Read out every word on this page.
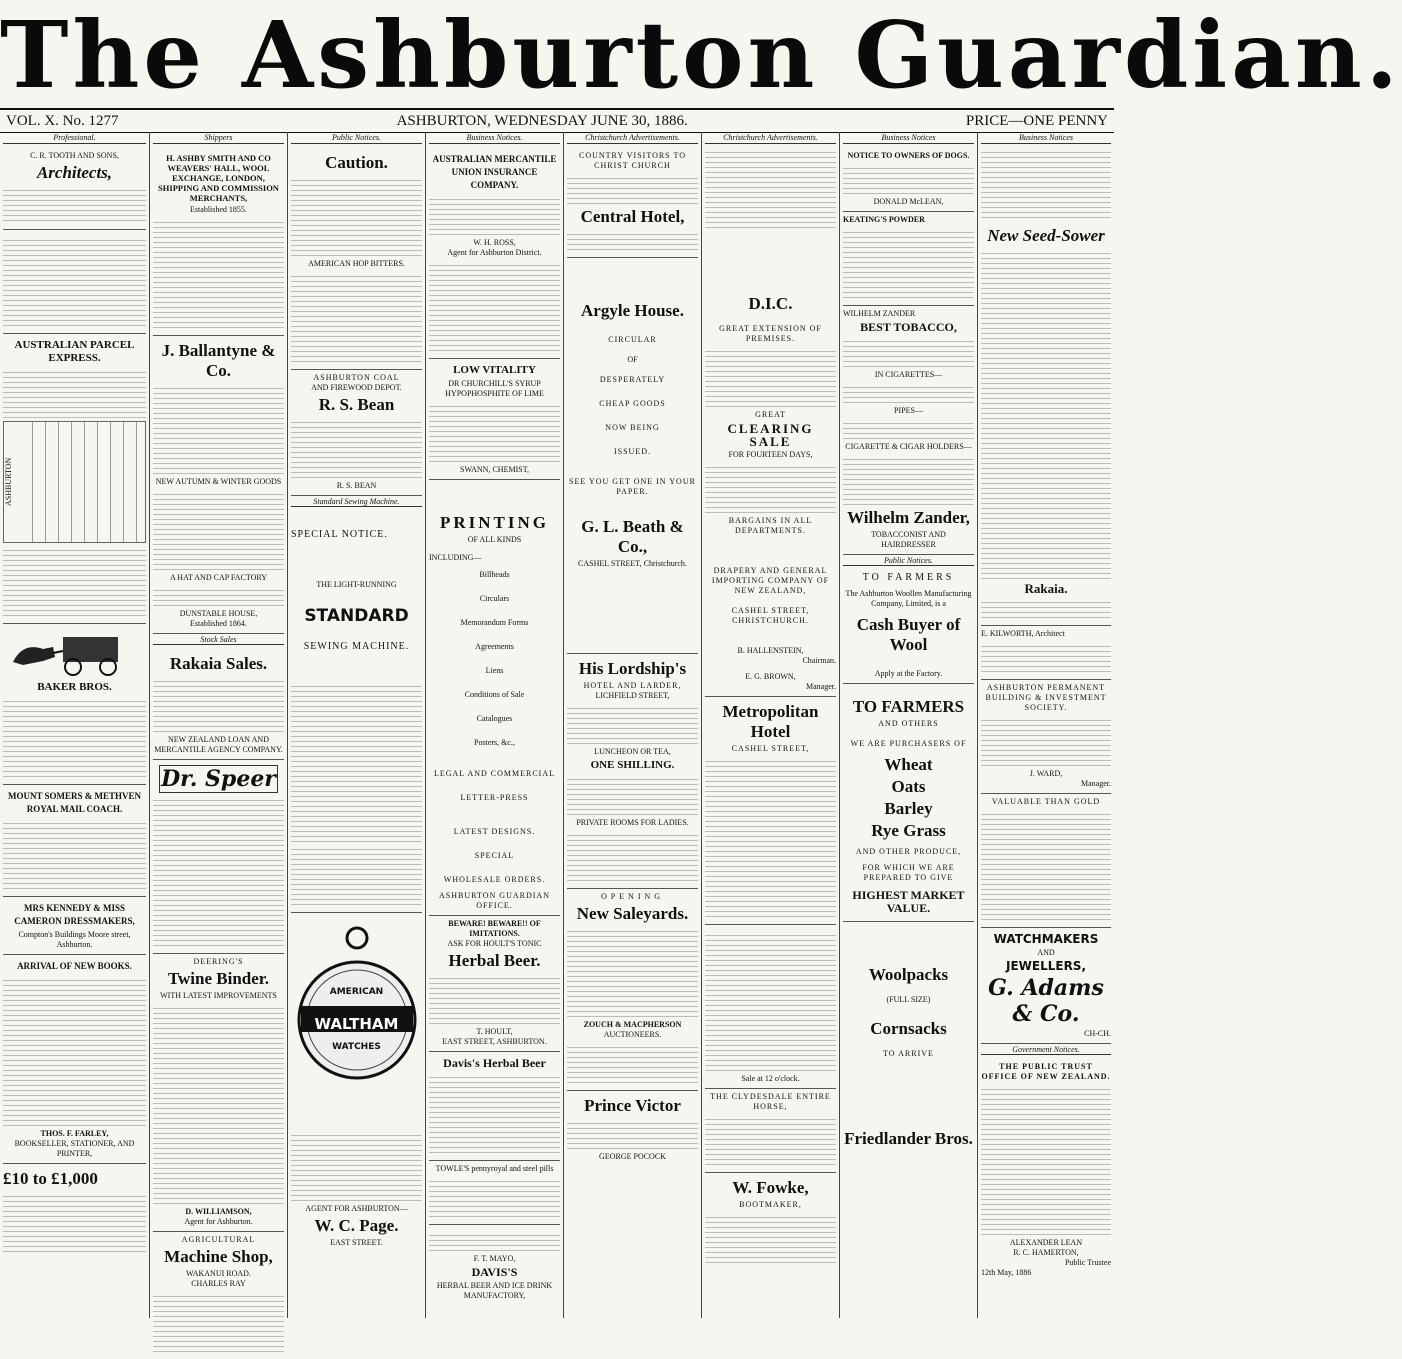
The Ashburton Guardian.
VOL. X. No. 1277	ASHBURTON, WEDNESDAY JUNE 30, 1886.	PRICE—ONE PENNY
Professional.
C. R. TOOTH AND SONS,
Architects,
AUSTRALIAN PARCEL EXPRESS.
ASHBURTON
BAKER BROS.
MOUNT SOMERS & METHVEN ROYAL MAIL COACH.
MRS KENNEDY & MISS CAMERON DRESSMAKERS,
Compton's Buildings Moore street, Ashburton.
ARRIVAL OF NEW BOOKS.
THOS. F. FARLEY,
BOOKSELLER, STATIONER, AND PRINTER,
£10 to £1,000
Shippers
H. ASHBY SMITH AND CO WEAVERS' HALL, WOOL EXCHANGE, LONDON, SHIPPING AND COMMISSION MERCHANTS,
Established 1855.
J. Ballantyne & Co.
NEW AUTUMN & WINTER GOODS
A HAT AND CAP FACTORY
DUNSTABLE HOUSE,
Established 1864.
Stock Sales
Rakaia Sales.
NEW ZEALAND LOAN AND MERCANTILE AGENCY COMPANY.
Dr. Speer
DEERING'S
Twine Binder.
WITH LATEST IMPROVEMENTS
D. WILLIAMSON,
Agent for Ashburton.
AGRICULTURAL
Machine Shop,
WAKANUI ROAD.
CHARLES RAY
Public Notices.
Caution.
AMERICAN HOP BITTERS.
ASHBURTON COAL
AND FIREWOOD DEPOT.
R. S. Bean
R. S. BEAN
Standard Sewing Machine.
SPECIAL NOTICE.
THE LIGHT-RUNNING
STANDARD
SEWING MACHINE.
AMERICAN
WALTHAM
WATCHES
AGENT FOR ASHBURTON—
W. C. Page.
EAST STREET.
Business Notices.
AUSTRALIAN MERCANTILE UNION INSURANCE COMPANY.
W. H. ROSS,
Agent for Ashburton District.
LOW VITALITY
DR CHURCHILL'S SYRUP
HYPOPHOSPHITE OF LIME
SWANN, CHEMIST,
PRINTING
OF ALL KINDS
INCLUDING—
Billheads
Circulars
Memorandum Forms
Agreements
Liens
Conditions of Sale
Catalogues
Posters, &c.,
LEGAL AND COMMERCIAL
LETTER-PRESS
LATEST DESIGNS.
SPECIAL
WHOLESALE ORDERS.
ASHBURTON GUARDIAN OFFICE.
BEWARE! BEWARE!! OF IMITATIONS.
ASK FOR HOULT'S TONIC
Herbal Beer.
T. HOULT,
EAST STREET, ASHBURTON.
Davis's Herbal Beer
TOWLE'S pennyroyal and steel pills
F. T. MAYO,
DAVIS'S
HERBAL BEER AND ICE DRINK MANUFACTORY,
Christchurch Advertisements.
COUNTRY VISITORS TO CHRIST CHURCH
Central Hotel,
Argyle House.
CIRCULAR
OF
DESPERATELY
CHEAP GOODS
NOW BEING
ISSUED.
SEE YOU GET ONE IN YOUR PAPER.
G. L. Beath & Co.,
CASHEL STREET, Christchurch.
His Lordship's
HOTEL AND LARDER,
LICHFIELD STREET,
LUNCHEON OR TEA,
ONE SHILLING.
PRIVATE ROOMS FOR LADIES.
OPENING
New Saleyards.
ZOUCH & MACPHERSON
AUCTIONEERS.
Prince Victor
GEORGE POCOCK
Christchurch Advertisements.
D.I.C.
GREAT EXTENSION OF PREMISES.
GREAT
CLEARING SALE
FOR FOURTEEN DAYS,
BARGAINS IN ALL DEPARTMENTS.
DRAPERY AND GENERAL IMPORTING COMPANY OF NEW ZEALAND,
CASHEL STREET, CHRISTCHURCH.
B. HALLENSTEIN,
Chairman.
E. G. BROWN,
Manager.
Metropolitan Hotel
CASHEL STREET,
Sale at 12 o'clock.
THE CLYDESDALE ENTIRE HORSE,
W. Fowke,
BOOTMAKER,
Business Notices
NOTICE TO OWNERS OF DOGS.
DONALD McLEAN,
KEATING'S POWDER
WILHELM ZANDER
BEST TOBACCO,
IN CIGARETTES—
PIPES—
CIGARETTE & CIGAR HOLDERS—
Wilhelm Zander,
TOBACCONIST AND HAIRDRESSER
Public Notices.
TO FARMERS
The Ashburton Woollen Manufacturing Company, Limited, is a
Cash Buyer of Wool
Apply at the Factory.
TO FARMERS
AND OTHERS
WE ARE PURCHASERS OF
Wheat
Oats
Barley
Rye Grass
AND OTHER PRODUCE,
FOR WHICH WE ARE PREPARED TO GIVE
HIGHEST MARKET VALUE.
Woolpacks
(FULL SIZE)
Cornsacks
TO ARRIVE
Friedlander Bros.
Business Notices
New Seed-Sower
Rakaia.
E. KILWORTH, Architect
ASHBURTON PERMANENT BUILDING & INVESTMENT SOCIETY.
J. WARD,
Manager.
VALUABLE THAN GOLD
WATCHMAKERS
AND
JEWELLERS,
G. Adams & Co.
CH-CH.
Government Notices.
THE PUBLIC TRUST OFFICE OF NEW ZEALAND.
ALEXANDER LEAN
R. C. HAMERTON,
Public Trustee
12th May, 1886
